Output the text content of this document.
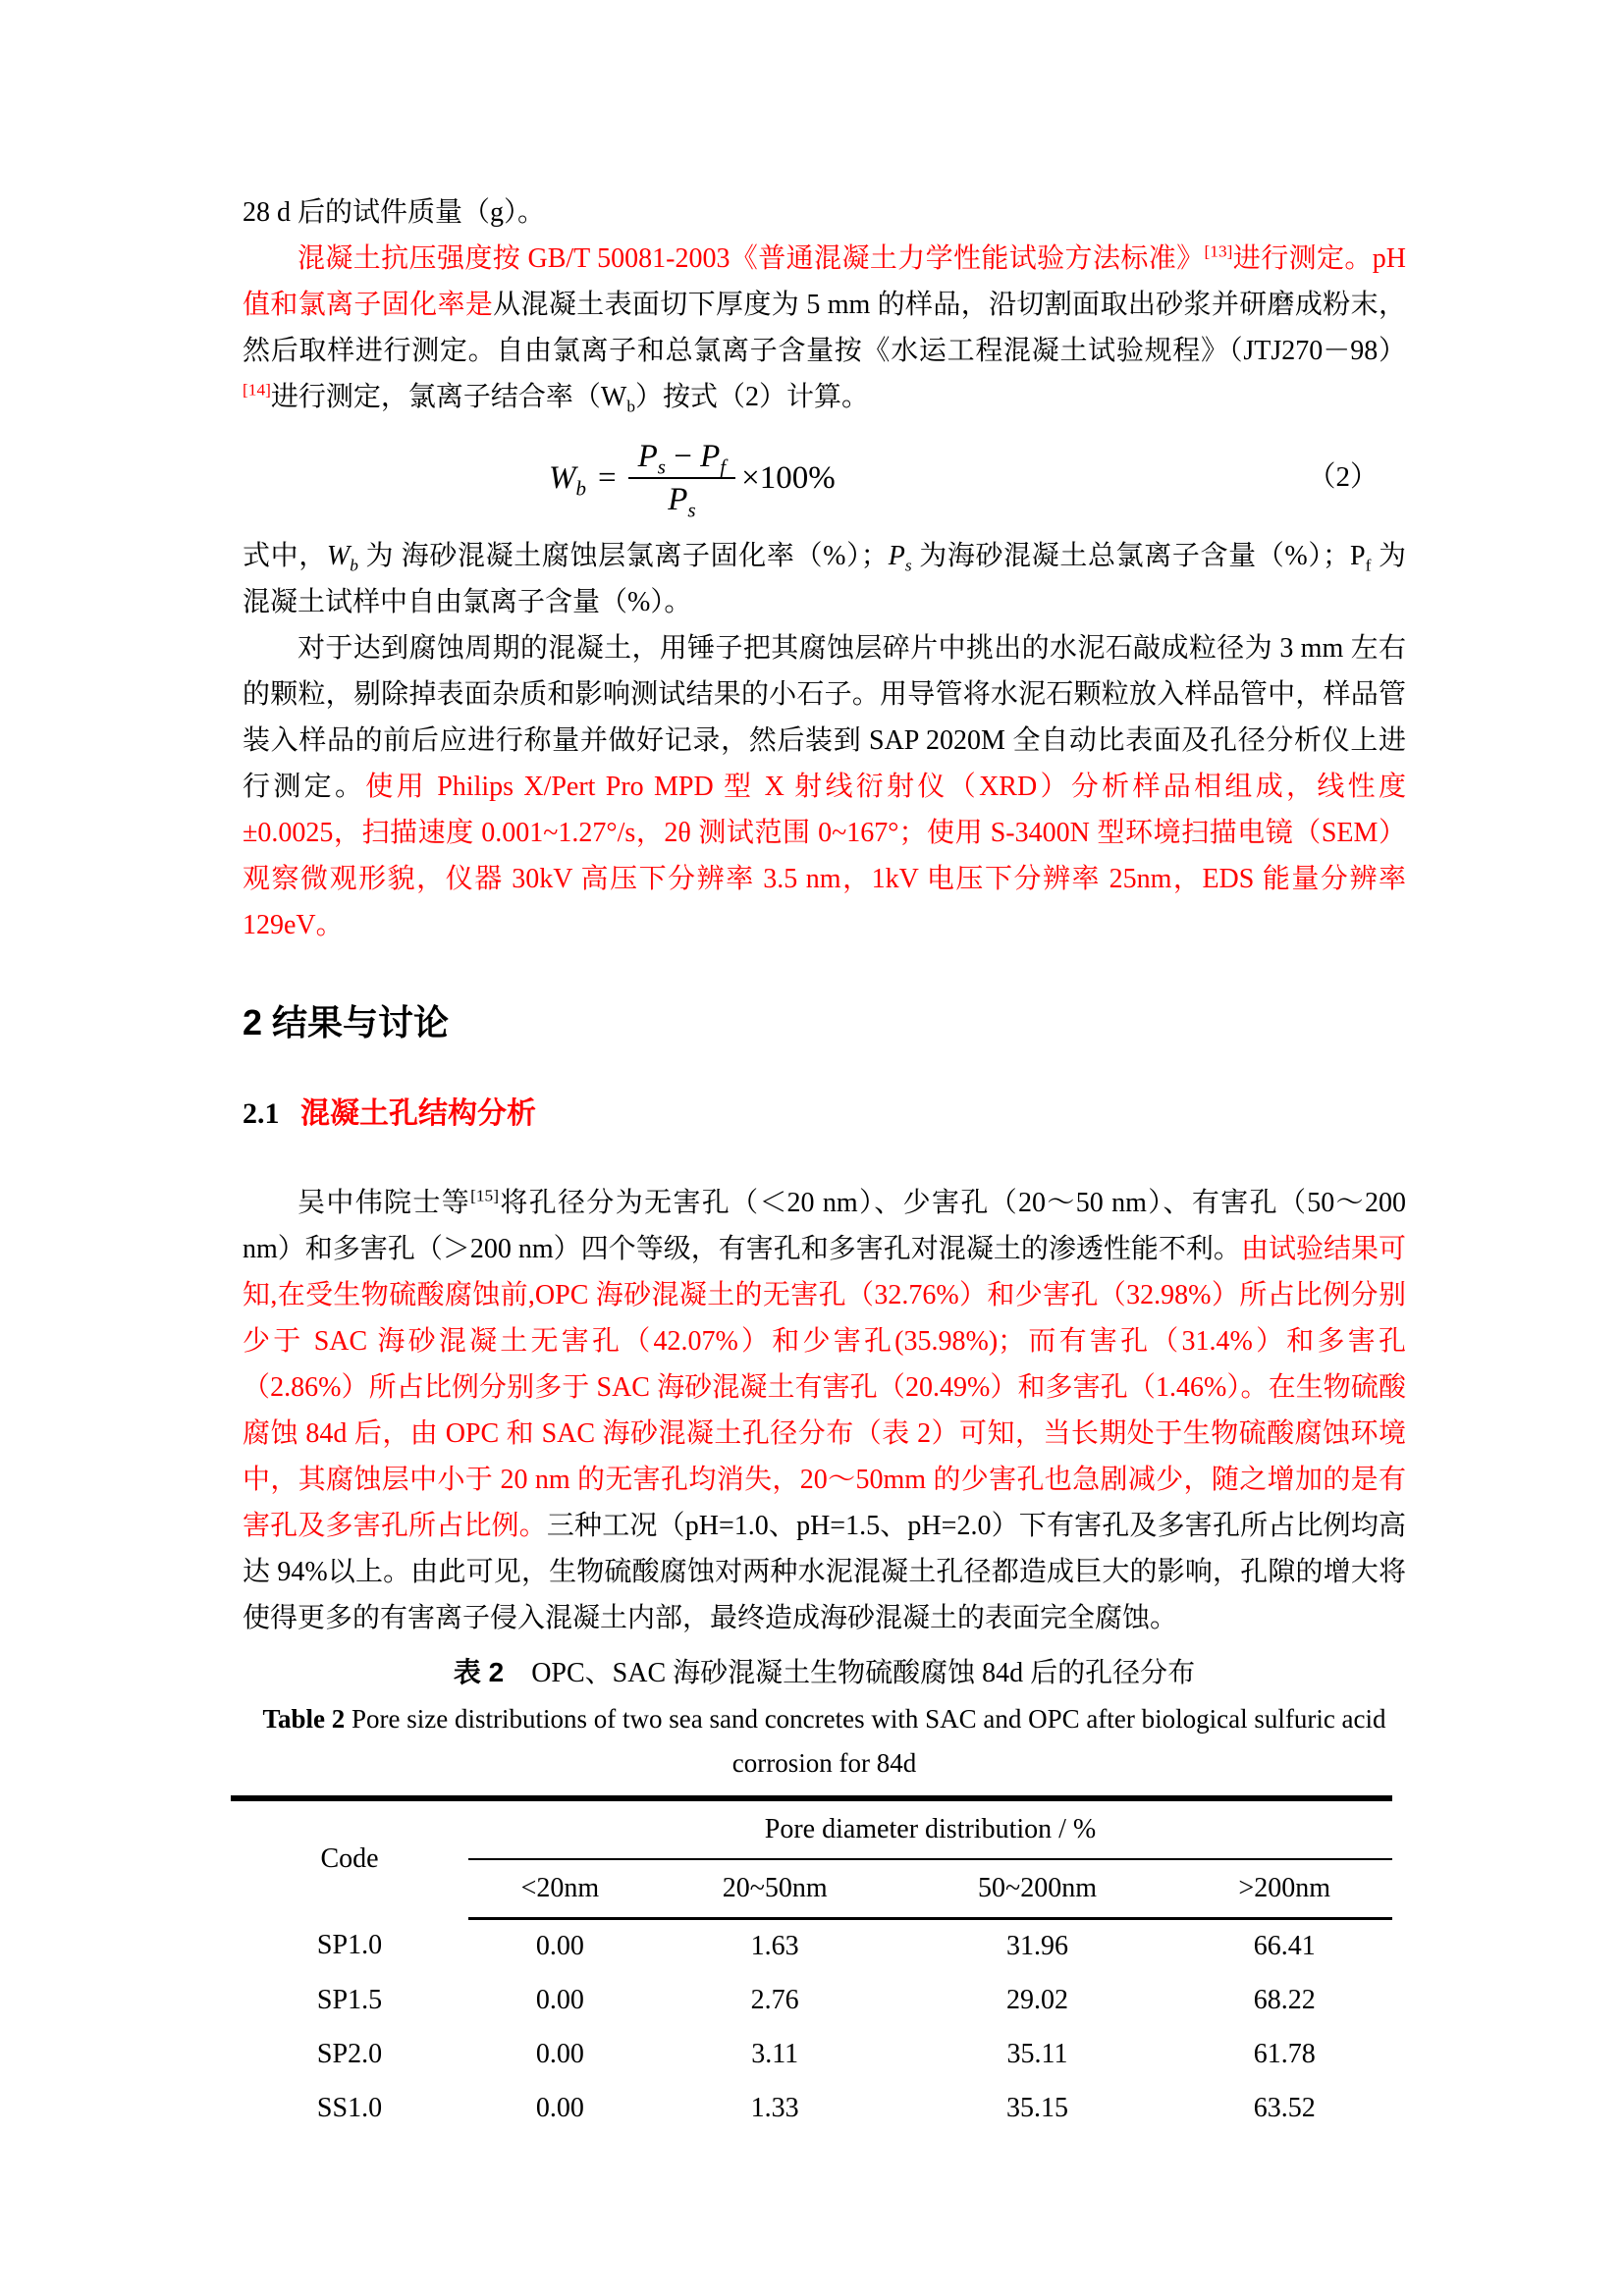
28 d 后的试件质量（g）。

混凝土抗压强度按 GB/T 50081-2003《普通混凝土力学性能试验方法标准》[13]进行测定。pH 值和氯离子固化率是从混凝土表面切下厚度为 5 mm 的样品，沿切割面取出砂浆并研磨成粉末，然后取样进行测定。自由氯离子和总氯离子含量按《水运工程混凝土试验规程》（JTJ270－98）[14]进行测定，氯离子结合率$(W_b)$按式（2）计算。

$W_b = \frac{P_s - P_f}{P_s} \times 100\%$	（2）

式中，$W_b$ 为 海砂混凝土腐蚀层氯离子固化率（%）；$P_s$ 为海砂混凝土总氯离子含量（%）；$P_f$ 为混凝土试样中自由氯离子含量（%）。

对于达到腐蚀周期的混凝土，用锤子把其腐蚀层碎片中挑出的水泥石敲成粒径为 3 mm 左右的颗粒，剔除掉表面杂质和影响测试结果的小石子。用导管将水泥石颗粒放入样品管中，样品管装入样品的前后应进行称量并做好记录，然后装到 SAP 2020M 全自动比表面及孔径分析仪上进行测定。使用 Philips X/Pert Pro MPD 型 X 射线衍射仪（XRD）分析样品相组成，线性度±0.0025，扫描速度 0.001~1.27°/s，2θ 测试范围 0~167°；使用 S-3400N 型环境扫描电镜（SEM）观察微观形貌，仪器 30kV 高压下分辨率 3.5 nm，1kV 电压下分辨率 25nm，EDS 能量分辨率 129eV。

2 结果与讨论
2.1 混凝土孔结构分析

吴中伟院士等[15]将孔径分为无害孔（＜20 nm）、少害孔（20～50 nm）、有害孔（50～200 nm）和多害孔（＞200 nm）四个等级，有害孔和多害孔对混凝土的渗透性能不利。由试验结果可知,在受生物硫酸腐蚀前,OPC 海砂混凝土的无害孔（32.76%）和少害孔（32.98%）所占比例分别少于 SAC 海砂混凝土无害孔（42.07%）和少害孔(35.98%)；而有害孔（31.4%）和多害孔（2.86%）所占比例分别多于 SAC 海砂混凝土有害孔（20.49%）和多害孔（1.46%）。在生物硫酸腐蚀 84d 后，由 OPC 和 SAC 海砂混凝土孔径分布（表 2）可知，当长期处于生物硫酸腐蚀环境中，其腐蚀层中小于 20 nm 的无害孔均消失，20～50mm 的少害孔也急剧减少，随之增加的是有害孔及多害孔所占比例。三种工况（pH=1.0、pH=1.5、pH=2.0）下有害孔及多害孔所占比例均高达 94%以上。由此可见，生物硫酸腐蚀对两种水泥混凝土孔径都造成巨大的影响，孔隙的增大将使得更多的有害离子侵入混凝土内部，最终造成海砂混凝土的表面完全腐蚀。

表 2　OPC、SAC 海砂混凝土生物硫酸腐蚀 84d 后的孔径分布
Table 2 Pore size distributions of two sea sand concretes with SAC and OPC after biological sulfuric acid
corrosion for 84d
Code	Pore diameter distribution / %			
	<20nm	20~50nm	50~200nm	>200nm
SP1.0	0.00	1.63	31.96	66.41
SP1.5	0.00	2.76	29.02	68.22
SP2.0	0.00	3.11	35.11	61.78
SS1.0	0.00	1.33	35.15	63.52
